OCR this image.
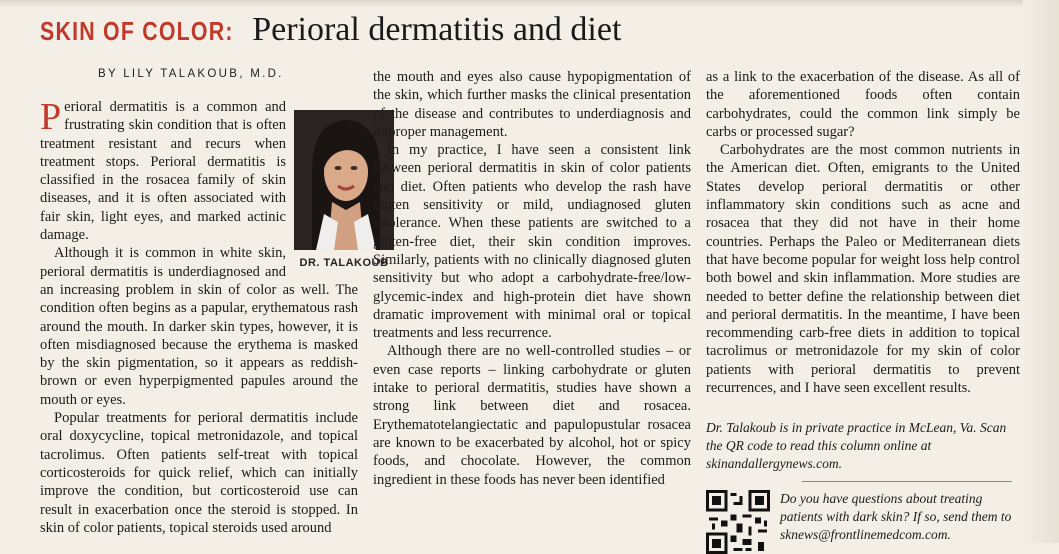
SKIN OF COLOR: Perioral dermatitis and diet
BY LILY TALAKOUB, M.D.
DR. TALAKOUB

Perioral dermatitis is a common and frustrating skin condition that is often treatment resistant and recurs when treatment stops. Perioral dermatitis is classified in the rosacea family of skin diseases, and it is often associated with fair skin, light eyes, and marked actinic damage.

Although it is common in white skin, perioral dermatitis is underdiagnosed and an increasing problem in skin of color as well. The condition often begins as a papular, erythematous rash around the mouth. In darker skin types, however, it is often misdiagnosed because the erythema is masked by the skin pigmentation, so it appears as reddish-brown or even hyperpigmented papules around the mouth or eyes.

Popular treatments for perioral dermatitis include oral doxycycline, topical metronidazole, and topical tacrolimus. Often patients self-treat with topical corticosteroids for quick relief, which can initially improve the condition, but corticosteroid use can result in exacerbation once the steroid is stopped. In skin of color patients, topical steroids used around

the mouth and eyes also cause hypopigmentation of the skin, which further masks the clinical presentation of the disease and contributes to underdiagnosis and improper management.

In my practice, I have seen a consistent link between perioral dermatitis in skin of color patients and diet. Often patients who develop the rash have gluten sensitivity or mild, undiagnosed gluten intolerance. When these patients are switched to a gluten-free diet, their skin condition improves. Similarly, patients with no clinically diagnosed gluten sensitivity but who adopt a carbohydrate-free/low-glycemic-index and high-protein diet have shown dramatic improvement with minimal oral or topical treatments and less recurrence.

Although there are no well-controlled studies – or even case reports – linking carbohydrate or gluten intake to perioral dermatitis, studies have shown a strong link between diet and rosacea. Erythematotelangiectatic and papulopustular rosacea are known to be exacerbated by alcohol, hot or spicy foods, and chocolate. However, the common ingredient in these foods has never been identified

as a link to the exacerbation of the disease. As all of the aforementioned foods often contain carbohydrates, could the common link simply be carbs or processed sugar?

Carbohydrates are the most common nutrients in the American diet. Often, emigrants to the United States develop perioral dermatitis or other inflammatory skin conditions such as acne and rosacea that they did not have in their home countries. Perhaps the Paleo or Mediterranean diets that have become popular for weight loss help control both bowel and skin inflammation. More studies are needed to better define the relationship between diet and perioral dermatitis. In the meantime, I have been recommending carb-free diets in addition to topical tacrolimus or metronidazole for my skin of color patients with perioral dermatitis to prevent recurrences, and I have seen excellent results.

Dr. Talakoub is in private practice in McLean, Va. Scan the QR code to read this column online at skinandallergynews.com.
Do you have questions about treating patients with dark skin? If so, send them to sknews@frontlinemedcom.com.
